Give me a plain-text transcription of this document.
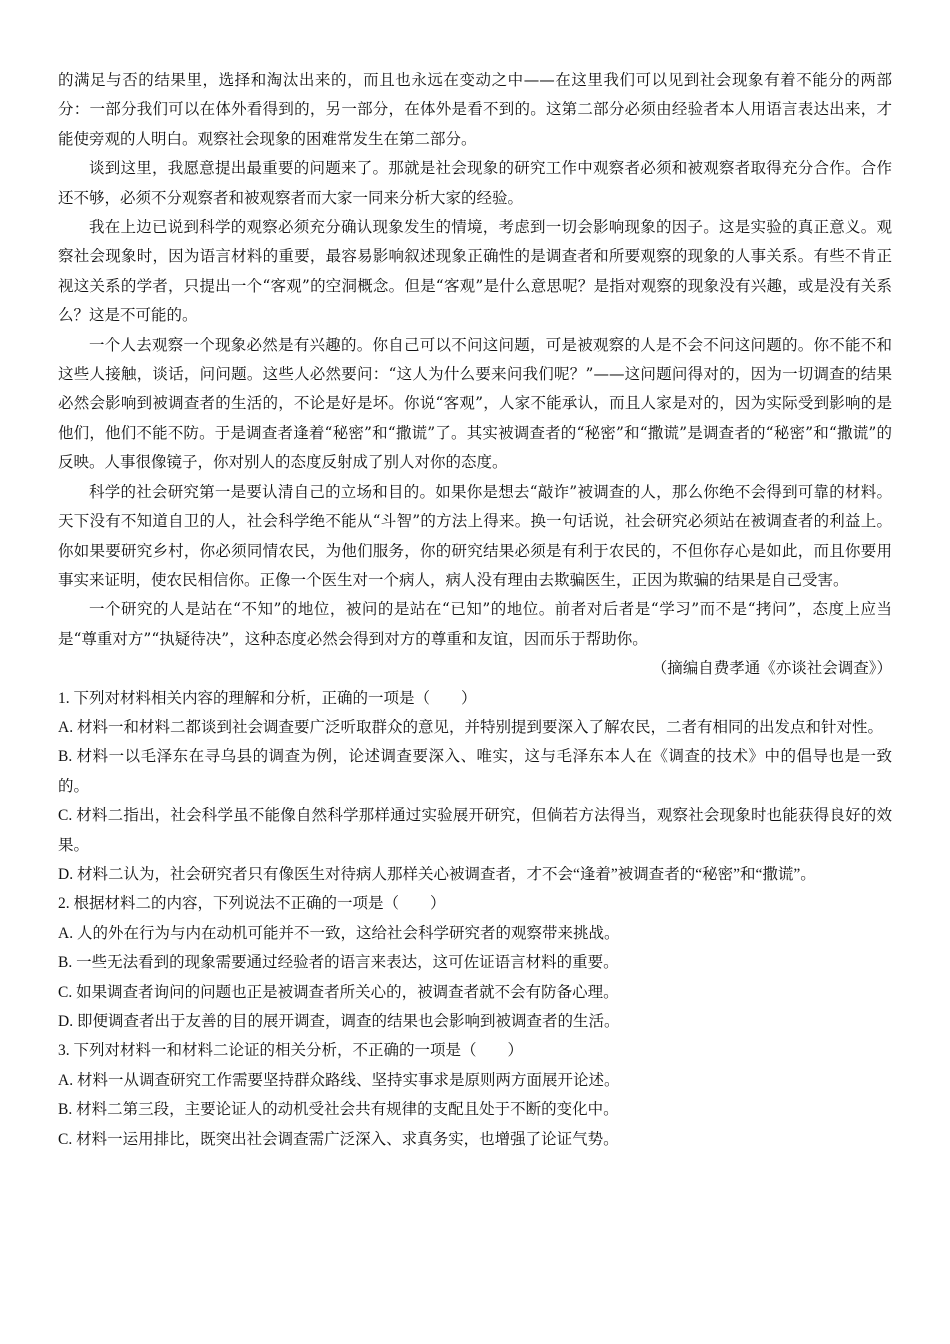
的满足与否的结果里，选择和淘汰出来的，而且也永远在变动之中——在这里我们可以见到社会现象有着不能分的两部分：一部分我们可以在体外看得到的，另一部分，在体外是看不到的。这第二部分必须由经验者本人用语言表达出来，才能使旁观的人明白。观察社会现象的困难常发生在第二部分。

谈到这里，我愿意提出最重要的问题来了。那就是社会现象的研究工作中观察者必须和被观察者取得充分合作。合作还不够，必须不分观察者和被观察者而大家一同来分析大家的经验。

我在上边已说到科学的观察必须充分确认现象发生的情境，考虑到一切会影响现象的因子。这是实验的真正意义。观察社会现象时，因为语言材料的重要，最容易影响叙述现象正确性的是调查者和所要观察的现象的人事关系。有些不肯正视这关系的学者，只提出一个“客观”的空洞概念。但是“客观”是什么意思呢？是指对观察的现象没有兴趣，或是没有关系么？这是不可能的。

一个人去观察一个现象必然是有兴趣的。你自己可以不问这问题，可是被观察的人是不会不问这问题的。你不能不和这些人接触，谈话，问问题。这些人必然要问：“这人为什么要来问我们呢？”——这问题问得对的，因为一切调查的结果必然会影响到被调查者的生活的，不论是好是坏。你说“客观”，人家不能承认，而且人家是对的，因为实际受到影响的是他们，他们不能不防。于是调查者逢着“秘密”和“撒谎”了。其实被调查者的“秘密”和“撒谎”是调查者的“秘密”和“撒谎”的反映。人事很像镜子，你对别人的态度反射成了别人对你的态度。

科学的社会研究第一是要认清自己的立场和目的。如果你是想去“敲诈”被调查的人，那么你绝不会得到可靠的材料。天下没有不知道自卫的人，社会科学绝不能从“斗智”的方法上得来。换一句话说，社会研究必须站在被调查者的利益上。你如果要研究乡村，你必须同情农民，为他们服务，你的研究结果必须是有利于农民的，不但你存心是如此，而且你要用事实来证明，使农民相信你。正像一个医生对一个病人，病人没有理由去欺骗医生，正因为欺骗的结果是自己受害。

一个研究的人是站在“不知”的地位，被问的是站在“已知”的地位。前者对后者是“学习”而不是“拷问”，态度上应当是“尊重对方”“执疑待决”，这种态度必然会得到对方的尊重和友谊，因而乐于帮助你。

（摘编自费孝通《亦谈社会调查》）

1. 下列对材料相关内容的理解和分析，正确的一项是（　　）

A. 材料一和材料二都谈到社会调查要广泛听取群众的意见，并特别提到要深入了解农民，二者有相同的出发点和针对性。

B. 材料一以毛泽东在寻乌县的调查为例，论述调查要深入、唯实，这与毛泽东本人在《调查的技术》中的倡导也是一致的。

C. 材料二指出，社会科学虽不能像自然科学那样通过实验展开研究，但倘若方法得当，观察社会现象时也能获得良好的效果。

D. 材料二认为，社会研究者只有像医生对待病人那样关心被调查者，才不会“逢着”被调查者的“秘密”和“撒谎”。

2. 根据材料二的内容，下列说法不正确的一项是（　　）

A. 人的外在行为与内在动机可能并不一致，这给社会科学研究者的观察带来挑战。

B. 一些无法看到的现象需要通过经验者的语言来表达，这可佐证语言材料的重要。

C. 如果调查者询问的问题也正是被调查者所关心的，被调查者就不会有防备心理。

D. 即便调查者出于友善的目的展开调查，调查的结果也会影响到被调查者的生活。

3. 下列对材料一和材料二论证的相关分析，不正确的一项是（　　）

A. 材料一从调查研究工作需要坚持群众路线、坚持实事求是原则两方面展开论述。

B. 材料二第三段，主要论证人的动机受社会共有规律的支配且处于不断的变化中。

C. 材料一运用排比，既突出社会调查需广泛深入、求真务实，也增强了论证气势。
